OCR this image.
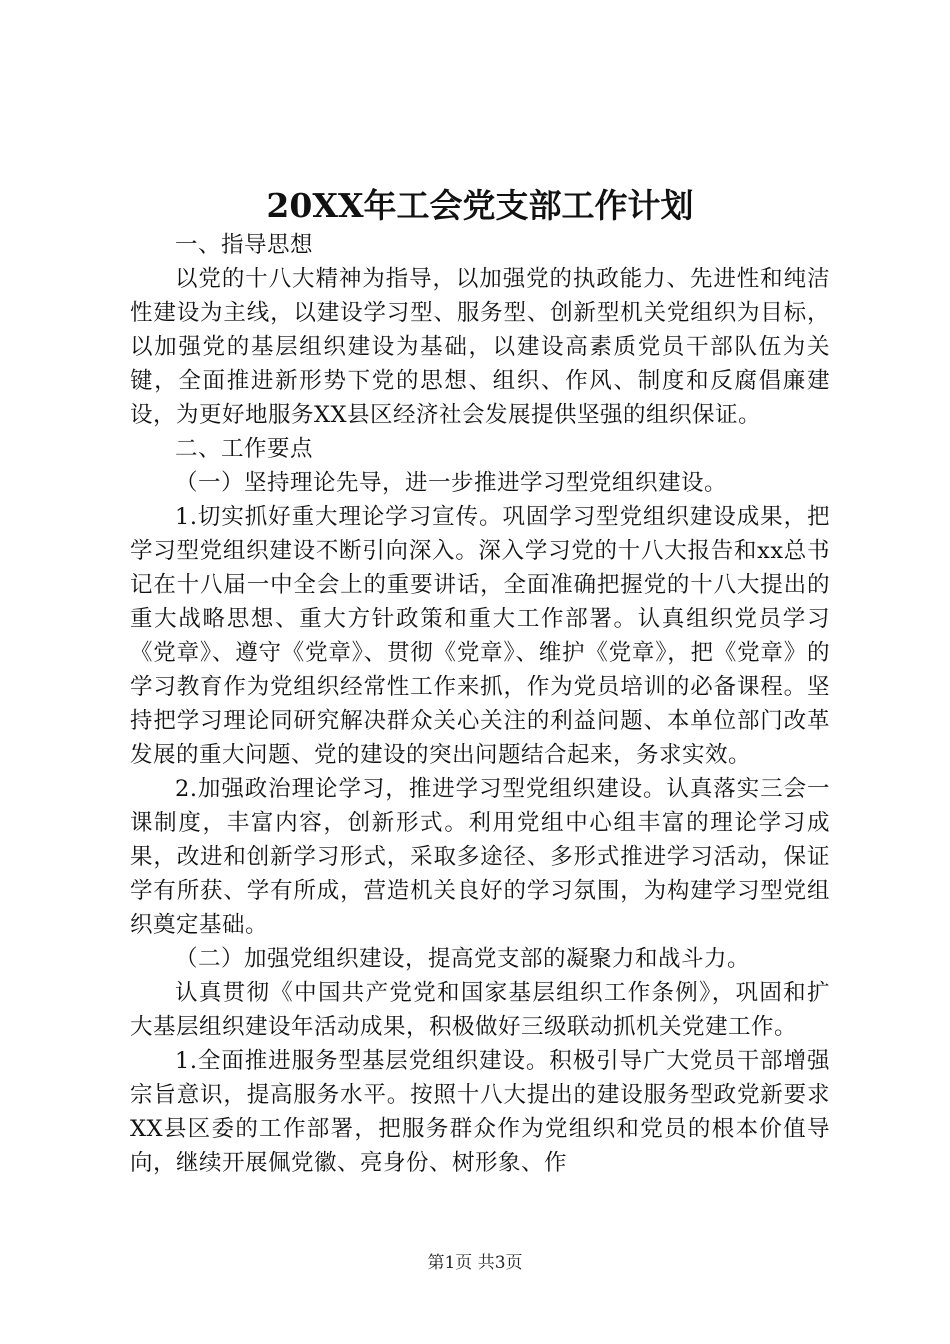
20XX年工会党支部工作计划

一、指导思想

以党的十八大精神为指导，以加强党的执政能力、先进性和纯洁性建设为主线，以建设学习型、服务型、创新型机关党组织为目标，以加强党的基层组织建设为基础，以建设高素质党员干部队伍为关键，全面推进新形势下党的思想、组织、作风、制度和反腐倡廉建设，为更好地服务XX县区经济社会发展提供坚强的组织保证。

二、工作要点

（一）坚持理论先导，进一步推进学习型党组织建设。

1.切实抓好重大理论学习宣传。巩固学习型党组织建设成果，把学习型党组织建设不断引向深入。深入学习党的十八大报告和xx总书记在十八届一中全会上的重要讲话，全面准确把握党的十八大提出的重大战略思想、重大方针政策和重大工作部署。认真组织党员学习《党章》、遵守《党章》、贯彻《党章》、维护《党章》，把《党章》的学习教育作为党组织经常性工作来抓，作为党员培训的必备课程。坚持把学习理论同研究解决群众关心关注的利益问题、本单位部门改革发展的重大问题、党的建设的突出问题结合起来，务求实效。

2.加强政治理论学习，推进学习型党组织建设。认真落实三会一课制度，丰富内容，创新形式。利用党组中心组丰富的理论学习成果，改进和创新学习形式，采取多途径、多形式推进学习活动，保证学有所获、学有所成，营造机关良好的学习氛围，为构建学习型党组织奠定基础。

（二）加强党组织建设，提高党支部的凝聚力和战斗力。

认真贯彻《中国共产党党和国家基层组织工作条例》，巩固和扩大基层组织建设年活动成果，积极做好三级联动抓机关党建工作。

1.全面推进服务型基层党组织建设。积极引导广大党员干部增强宗旨意识，提高服务水平。按照十八大提出的建设服务型政党新要求XX县区委的工作部署，把服务群众作为党组织和党员的根本价值导向，继续开展佩党徽、亮身份、树形象、作

第1页 共3页
